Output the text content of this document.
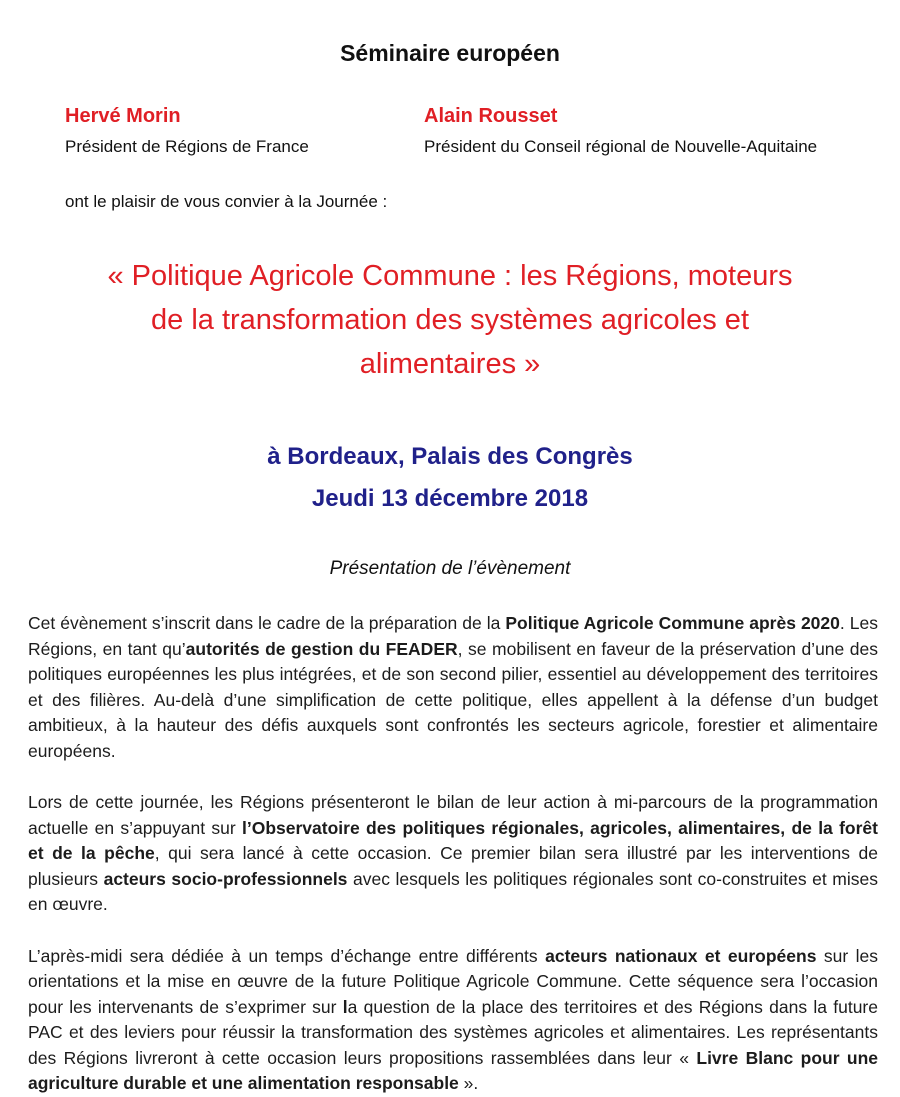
Séminaire européen
Hervé Morin
Président de Régions de France
Alain Rousset
Président du Conseil régional de Nouvelle-Aquitaine
ont le plaisir de vous convier à la Journée :
« Politique Agricole Commune : les Régions, moteurs
de la transformation des systèmes agricoles et
alimentaires »
à Bordeaux, Palais des Congrès
Jeudi 13 décembre 2018
Présentation de l’évènement

Cet évènement s’inscrit dans le cadre de la préparation de la Politique Agricole Commune après 2020. Les Régions, en tant qu’autorités de gestion du FEADER, se mobilisent en faveur de la préservation d’une des politiques européennes les plus intégrées, et de son second pilier, essentiel au développement des territoires et des filières. Au-delà d’une simplification de cette politique, elles appellent à la défense d’un budget ambitieux, à la hauteur des défis auxquels sont confrontés les secteurs agricole, forestier et alimentaire européens.

Lors de cette journée, les Régions présenteront le bilan de leur action à mi-parcours de la programmation actuelle en s’appuyant sur l’Observatoire des politiques régionales, agricoles, alimentaires, de la forêt et de la pêche, qui sera lancé à cette occasion. Ce premier bilan sera illustré par les interventions de plusieurs acteurs socio-professionnels avec lesquels les politiques régionales sont co-construites et mises en œuvre.

L’après-midi sera dédiée à un temps d’échange entre différents acteurs nationaux et européens sur les orientations et la mise en œuvre de la future Politique Agricole Commune. Cette séquence sera l’occasion pour les intervenants de s’exprimer sur la question de la place des territoires et des Régions dans la future PAC et des leviers pour réussir la transformation des systèmes agricoles et alimentaires. Les représentants des Régions livreront à cette occasion leurs propositions rassemblées dans leur « Livre Blanc pour une agriculture durable et une alimentation responsable ».
